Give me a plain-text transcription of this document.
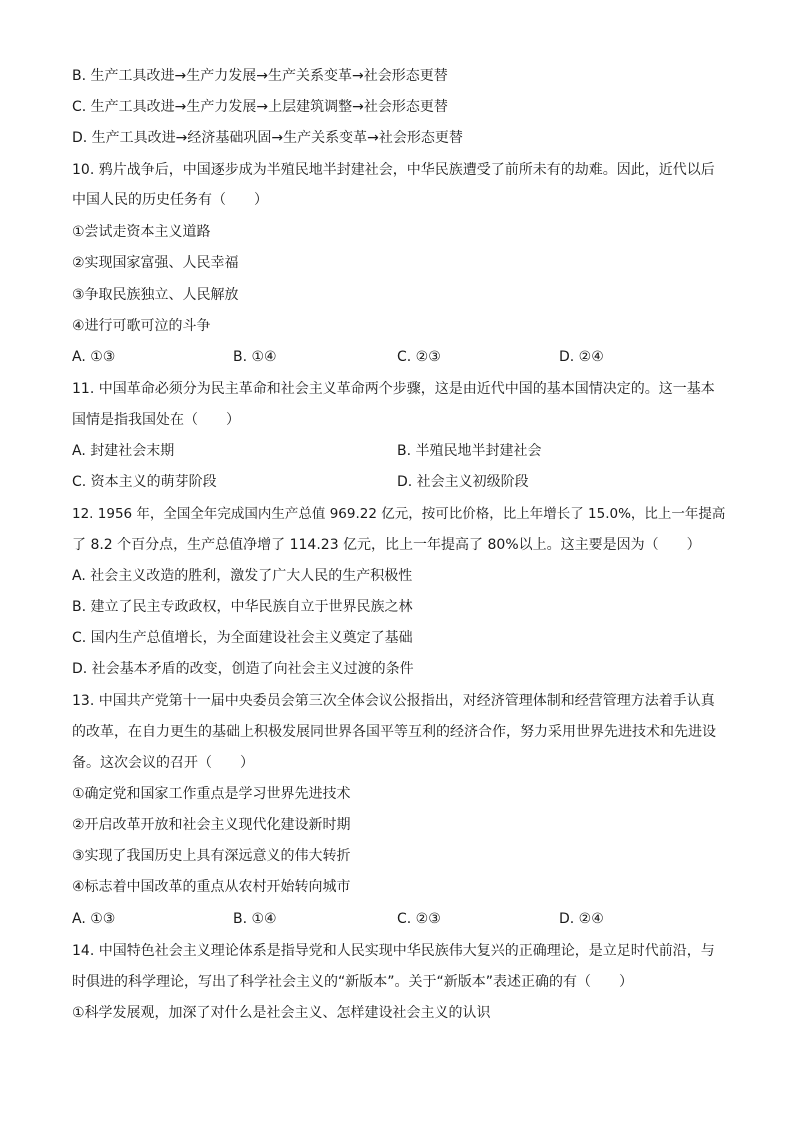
B. 生产工具改进→生产力发展→生产关系变革→社会形态更替
C. 生产工具改进→生产力发展→上层建筑调整→社会形态更替
D. 生产工具改进→经济基础巩固→生产关系变革→社会形态更替
10. 鸦片战争后，中国逐步成为半殖民地半封建社会，中华民族遭受了前所未有的劫难。因此，近代以后
中国人民的历史任务有（　　）
①尝试走资本主义道路
②实现国家富强、人民幸福
③争取民族独立、人民解放
④进行可歌可泣的斗争
A. ①③	B. ①④	C. ②③	D. ②④
11. 中国革命必须分为民主革命和社会主义革命两个步骤，这是由近代中国的基本国情决定的。这一基本
国情是指我国处在（　　）
A. 封建社会末期	B. 半殖民地半封建社会
C. 资本主义的萌芽阶段	D. 社会主义初级阶段
12. 1956 年，全国全年完成国内生产总值 969.22 亿元，按可比价格，比上年增长了 15.0%，比上一年提高
了 8.2 个百分点，生产总值净增了 114.23 亿元，比上一年提高了 80%以上。这主要是因为（　　）
A. 社会主义改造的胜利，激发了广大人民的生产积极性
B. 建立了民主专政政权，中华民族自立于世界民族之林
C. 国内生产总值增长，为全面建设社会主义奠定了基础
D. 社会基本矛盾的改变，创造了向社会主义过渡的条件
13. 中国共产党第十一届中央委员会第三次全体会议公报指出，对经济管理体制和经营管理方法着手认真
的改革，在自力更生的基础上积极发展同世界各国平等互利的经济合作，努力采用世界先进技术和先进设
备。这次会议的召开（　　）
①确定党和国家工作重点是学习世界先进技术
②开启改革开放和社会主义现代化建设新时期
③实现了我国历史上具有深远意义的伟大转折
④标志着中国改革的重点从农村开始转向城市
A. ①③	B. ①④	C. ②③	D. ②④
14. 中国特色社会主义理论体系是指导党和人民实现中华民族伟大复兴的正确理论，是立足时代前沿，与
时俱进的科学理论，写出了科学社会主义的“新版本”。关于“新版本”表述正确的有（　　）
①科学发展观，加深了对什么是社会主义、怎样建设社会主义的认识
